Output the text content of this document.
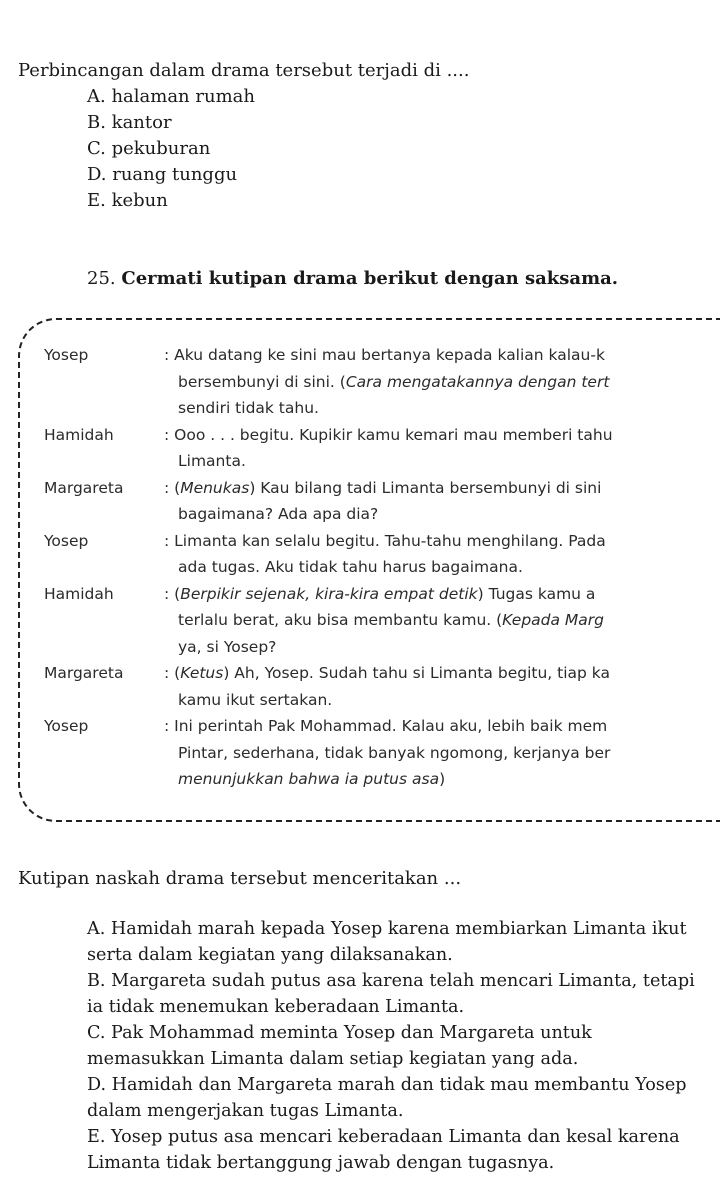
Perbincangan dalam drama tersebut terjadi di ....
A. halaman rumah
B. kantor
C. pekuburan
D. ruang tunggu
E. kebun
25. Cermati kutipan drama berikut dengan saksama.
Yosep	: Aku datang ke sini mau bertanya kepada kalian kalau-k
bersembunyi di sini. (Cara mengatakannya dengan tert
sendiri tidak tahu.
Hamidah	: Ooo . . . begitu. Kupikir kamu kemari mau memberi tahu
Limanta.
Margareta	: (Menukas) Kau bilang tadi Limanta bersembunyi di sini
bagaimana? Ada apa dia?
Yosep	: Limanta kan selalu begitu. Tahu-tahu menghilang. Pada
ada tugas. Aku tidak tahu harus bagaimana.
Hamidah	: (Berpikir sejenak, kira-kira empat detik) Tugas kamu a
terlalu berat, aku bisa membantu kamu. (Kepada Marg
ya, si Yosep?
Margareta	: (Ketus) Ah, Yosep. Sudah tahu si Limanta begitu, tiap ka
kamu ikut sertakan.
Yosep	: Ini perintah Pak Mohammad. Kalau aku, lebih baik mem
Pintar, sederhana, tidak banyak ngomong, kerjanya ber
menunjukkan bahwa ia putus asa)
Kutipan naskah drama tersebut menceritakan ...
A. Hamidah marah kepada Yosep karena membiarkan Limanta ikut
serta dalam kegiatan yang dilaksanakan.
B. Margareta sudah putus asa karena telah mencari Limanta, tetapi
ia tidak menemukan keberadaan Limanta.
C. Pak Mohammad meminta Yosep dan Margareta untuk
memasukkan Limanta dalam setiap kegiatan yang ada.
D. Hamidah dan Margareta marah dan tidak mau membantu Yosep
dalam mengerjakan tugas Limanta.
E. Yosep putus asa mencari keberadaan Limanta dan kesal karena
Limanta tidak bertanggung jawab dengan tugasnya.
